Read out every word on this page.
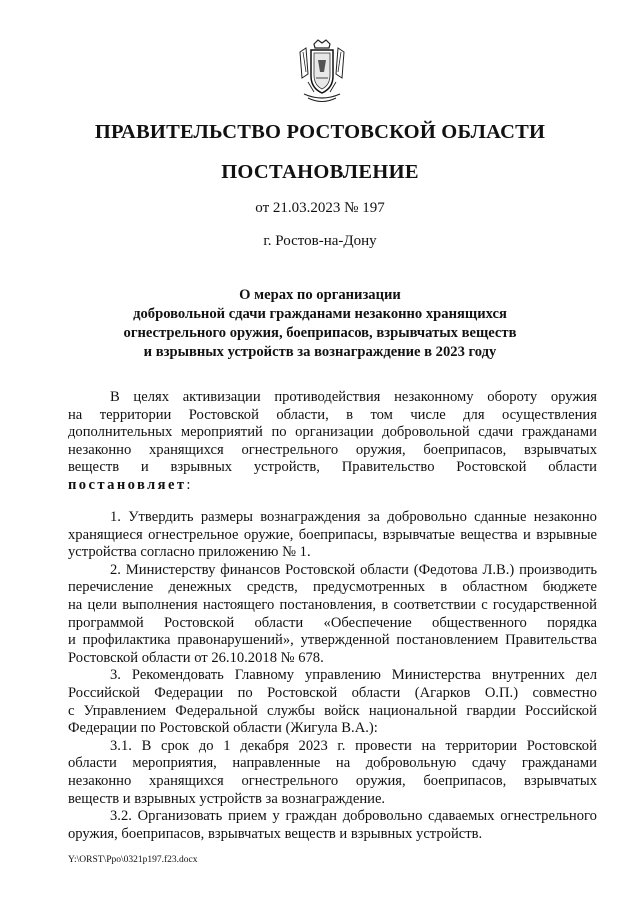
ПРАВИТЕЛЬСТВО РОСТОВСКОЙ ОБЛАСТИ
ПОСТАНОВЛЕНИЕ
от 21.03.2023 № 197
г. Ростов-на-Дону
О мерах по организации
добровольной сдачи гражданами незаконно хранящихся
огнестрельного оружия, боеприпасов, взрывчатых веществ
и взрывных устройств за вознаграждение в 2023 году
В целях активизации противодействия незаконному обороту оружия
на территории Ростовской области, в том числе для осуществления
дополнительных мероприятий по организации добровольной сдачи гражданами
незаконно хранящихся огнестрельного оружия, боеприпасов, взрывчатых
веществ и взрывных устройств, Правительство Ростовской области
постановляет:
1. Утвердить размеры вознаграждения за добровольно сданные незаконно
хранящиеся огнестрельное оружие, боеприпасы, взрывчатые вещества и взрывные
устройства согласно приложению № 1.
2. Министерству финансов Ростовской области (Федотова Л.В.) производить
перечисление денежных средств, предусмотренных в областном бюджете
на цели выполнения настоящего постановления, в соответствии с государственной
программой Ростовской области «Обеспечение общественного порядка
и профилактика правонарушений», утвержденной постановлением Правительства
Ростовской области от 26.10.2018 № 678.
3. Рекомендовать Главному управлению Министерства внутренних дел
Российской Федерации по Ростовской области (Агарков О.П.) совместно
с Управлением Федеральной службы войск национальной гвардии Российской
Федерации по Ростовской области (Жигула В.А.):
3.1. В срок до 1 декабря 2023 г. провести на территории Ростовской
области мероприятия, направленные на добровольную сдачу гражданами
незаконно хранящихся огнестрельного оружия, боеприпасов, взрывчатых
веществ и взрывных устройств за вознаграждение.
3.2. Организовать прием у граждан добровольно сдаваемых огнестрельного
оружия, боеприпасов, взрывчатых веществ и взрывных устройств.
Y:\ORST\Ppo\0321p197.f23.docx
